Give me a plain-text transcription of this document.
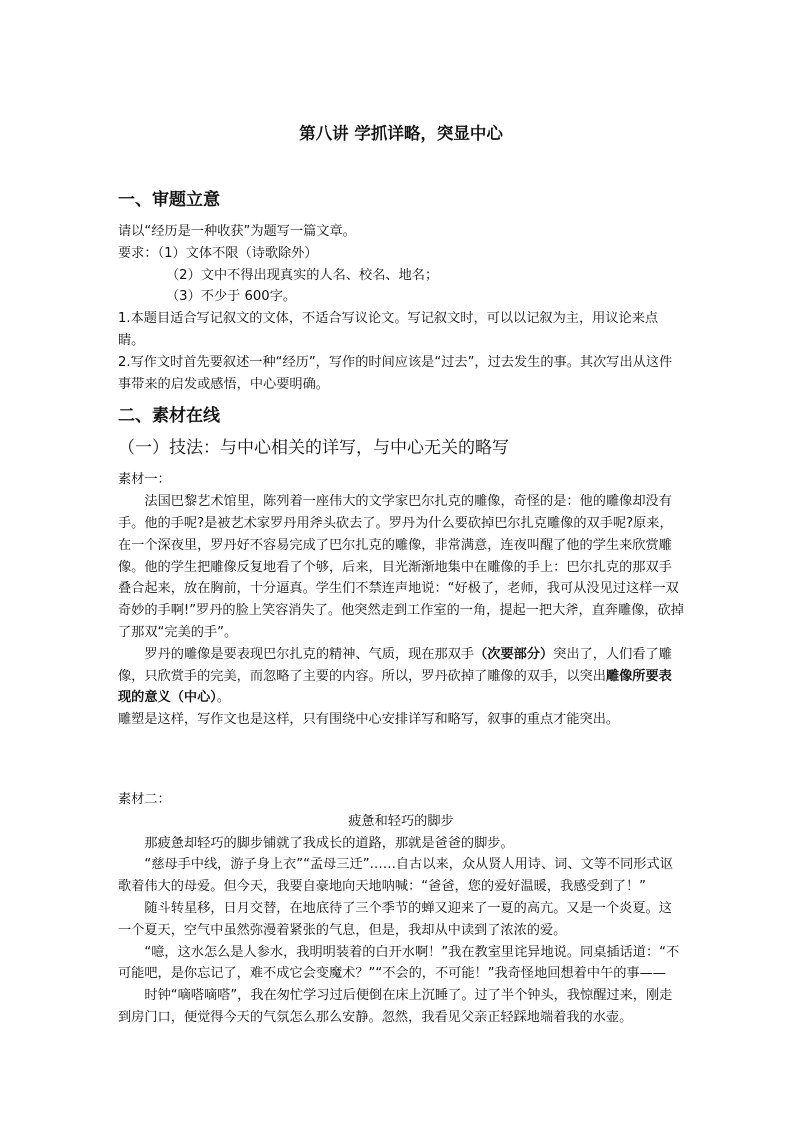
第八讲 学抓详略，突显中心
一、审题立意

请以“经历是一种收获”为题写一篇文章。

要求：（1）文体不限（诗歌除外）

（2）文中不得出现真实的人名、校名、地名；

（3）不少于 600字。

1.本题目适合写记叙文的文体，不适合写议论文。写记叙文时，可以以记叙为主，用议论来点睛。

2.写作文时首先要叙述一种“经历”，写作的时间应该是“过去”，过去发生的事。其次写出从这件事带来的启发或感悟，中心要明确。

二、素材在线
（一）技法：与中心相关的详写，与中心无关的略写

素材一：

法国巴黎艺术馆里，陈列着一座伟大的文学家巴尔扎克的雕像，奇怪的是：他的雕像却没有手。他的手呢?是被艺术家罗丹用斧头砍去了。罗丹为什么要砍掉巴尔扎克雕像的双手呢?原来，在一个深夜里，罗丹好不容易完成了巴尔扎克的雕像，非常满意，连夜叫醒了他的学生来欣赏雕像。他的学生把雕像反复地看了个够，后来，目光渐渐地集中在雕像的手上：巴尔扎克的那双手叠合起来，放在胸前，十分逼真。学生们不禁连声地说：“好极了，老师，我可从没见过这样一双奇妙的手啊!”罗丹的脸上笑容消失了。他突然走到工作室的一角，提起一把大斧，直奔雕像，砍掉了那双“完美的手”。

罗丹的雕像是要表现巴尔扎克的精神、气质，现在那双手（次要部分）突出了，人们看了雕像，只欣赏手的完美，而忽略了主要的内容。所以，罗丹砍掉了雕像的双手，以突出雕像所要表现的意义（中心）。

雕塑是这样，写作文也是这样，只有围绕中心安排详写和略写，叙事的重点才能突出。

素材二：

疲惫和轻巧的脚步

那疲惫却轻巧的脚步铺就了我成长的道路，那就是爸爸的脚步。

“慈母手中线，游子身上衣”“孟母三迁”……自古以来，众从贤人用诗、词、文等不同形式讴歌着伟大的母爱。但今天，我要自豪地向天地呐喊：“爸爸，您的爱好温暖，我感受到了！”

随斗转星移，日月交替，在地底待了三个季节的蝉又迎来了一夏的高亢。又是一个炎夏。这一个夏天，空气中虽然弥漫着紧张的气息，但是，我却从中读到了浓浓的爱。

“噫，这水怎么是人参水，我明明装着的白开水啊！”我在教室里诧异地说。同桌插话道：“不可能吧，是你忘记了，难不成它会变魔术？”“不会的，不可能！”我奇怪地回想着中午的事——

时钟“嘀嗒嘀嗒”，我在匆忙学习过后便倒在床上沉睡了。过了半个钟头，我惊醒过来，刚走到房门口，便觉得今天的气氛怎么那么安静。忽然，我看见父亲正轻踩地端着我的水壶。
